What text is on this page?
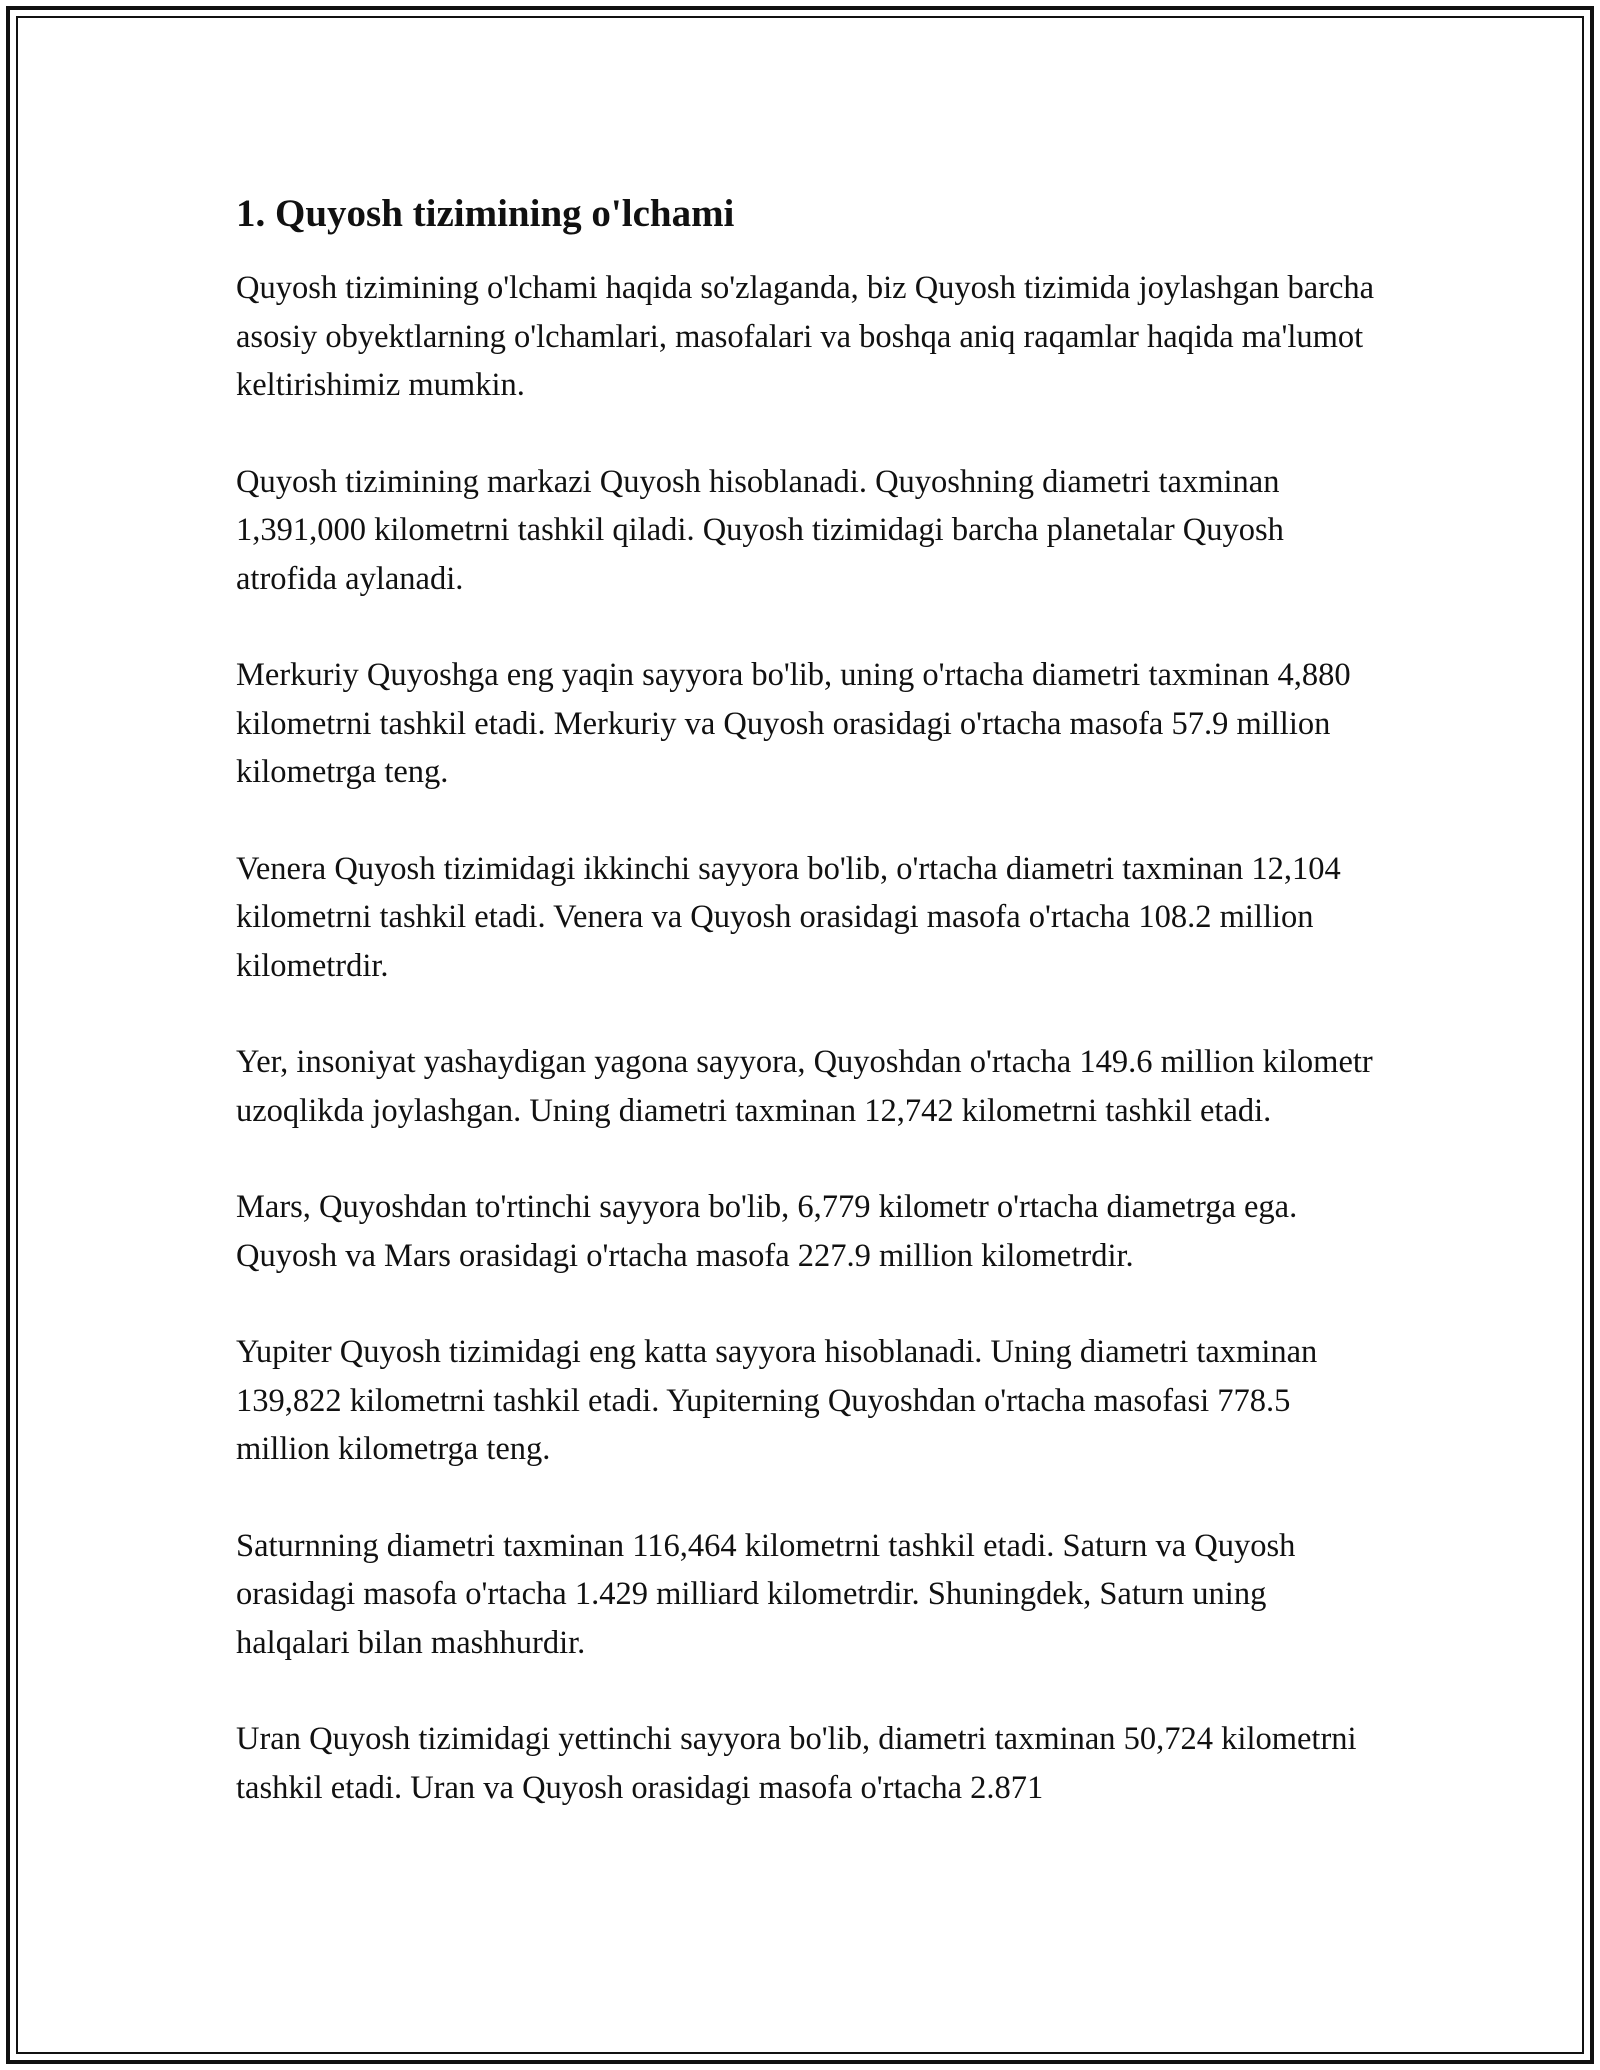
1. Quyosh tizimining o'lchami

Quyosh tizimining o'lchami haqida so'zlaganda, biz Quyosh tizimida joylashgan barcha asosiy obyektlarning o'lchamlari, masofalari va boshqa aniq raqamlar haqida ma'lumot keltirishimiz mumkin.

Quyosh tizimining markazi Quyosh hisoblanadi. Quyoshning diametri taxminan 1,391,000 kilometrni tashkil qiladi. Quyosh tizimidagi barcha planetalar Quyosh atrofida aylanadi.

Merkuriy Quyoshga eng yaqin sayyora bo'lib, uning o'rtacha diametri taxminan 4,880 kilometrni tashkil etadi. Merkuriy va Quyosh orasidagi o'rtacha masofa 57.9 million kilometrga teng.

Venera Quyosh tizimidagi ikkinchi sayyora bo'lib, o'rtacha diametri taxminan 12,104 kilometrni tashkil etadi. Venera va Quyosh orasidagi masofa o'rtacha 108.2 million kilometrdir.

Yer, insoniyat yashaydigan yagona sayyora, Quyoshdan o'rtacha 149.6 million kilometr uzoqlikda joylashgan. Uning diametri taxminan 12,742 kilometrni tashkil etadi.

Mars, Quyoshdan to'rtinchi sayyora bo'lib, 6,779 kilometr o'rtacha diametrga ega. Quyosh va Mars orasidagi o'rtacha masofa 227.9 million kilometrdir.

Yupiter Quyosh tizimidagi eng katta sayyora hisoblanadi. Uning diametri taxminan 139,822 kilometrni tashkil etadi. Yupiterning Quyoshdan o'rtacha masofasi 778.5 million kilometrga teng.

Saturnning diametri taxminan 116,464 kilometrni tashkil etadi. Saturn va Quyosh orasidagi masofa o'rtacha 1.429 milliard kilometrdir. Shuningdek, Saturn uning halqalari bilan mashhurdir.

Uran Quyosh tizimidagi yettinchi sayyora bo'lib, diametri taxminan 50,724 kilometrni tashkil etadi. Uran va Quyosh orasidagi masofa o'rtacha 2.871
